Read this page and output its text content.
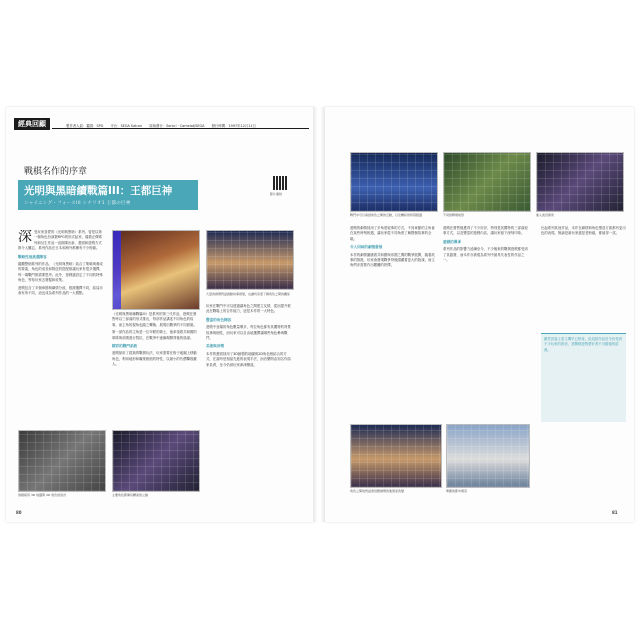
經典回顧	製作者人氣：鑑賞：SPG 平台：SEGA Saturn 原始發行：Sonic! · Camelot/SEGA 發行時間：1997年12月11日
影片連結
戰棋名作的序章
光明與黑暗續戰篇III：王都巨神
シャイニング・フォースIII シナリオ1 王都の巨神

深受玩家喜愛的《光明與黑暗》系列，曾是以第一個角色扮演類RPG的形式起家，隨着正傳系列和衍生作品一直推陳出新，畫面和遊戲方式都令人難忘，系列作品在日本和海外都擁有不少粉絲。

戰略性地挑選陣容

縱觀整個系列的作品，《光明與黑暗》結合了策略與養成的要素，角色的成長和隊伍的搭配都讓玩家有很多選擇，每一場戰鬥都需要思考。此外，遊戲還設定了不同的特殊角色，等待玩家去發掘和收集。

遊戲包含了多個章節與劇情分歧，根據選擇不同，結局亦會有所不同，這也成為系列作品的一大賣點。

《光明與黑暗續戰篇III》是系列的第三代作品，遊戲在發售時以三部曲的形式推出，每部作品講述不同角色的故事，而主角的視角也隨之轉換，展現出戰爭的不同面貌。

第一部作品的主角是一位年輕的劍士，他率領着共和國的軍隊與帝國進行對抗，在戰爭中逐漸揭開背後的陰謀。

精彩的戰鬥系統

遊戲採用了經典的戰棋玩法，玩家需要在格子地圖上移動角色，利用地形和職業相剋的特性，以最小的代價擊敗敵人。

大量的劇情對話推動故事發展，也讓玩家更了解角色之間的關係

玩家在戰鬥中可以透過讓角色之間建立友情，從而提升彼此在戰場上的合作能力，這是本作的一大特色。

豐富的角色陣容

遊戲中登場的角色數量眾多，每位角色都有其獨特的背景故事與個性，而玩家可以自由地選擇讓哪些角色參與戰鬥。

美術與音樂

本作的畫面採用了3D繪製的地圖與2D角色相結合的方式，在當時是相當先進的表現手法，而音樂則由知名作曲家負責，至今仍被玩家津津樂道。

遊戲採用 3D 地圖與 2D 角色的設計	主要角色都擁有精美的立繪
80
戰鬥中可以看到角色之間的互動，以及精彩的特寫鏡頭	不同的戰場地形	進入迷宮探索

遊戲的劇情採用了多角度敘事的方式，不同章節的主角會在某些時刻相遇，讓玩家從不同角度了解整個故事的全貌。

令人回味的劇情發展

本作的劇情圍繞着共和國與帝國之間的戰爭展開，隨着故事的推進，玩家會發現戰爭背後隱藏着更大的陰謀，而主角們亦需要作出艱難的抉擇。

遊戲在發售後獲得了不少好評，特別是其獨特的三部曲敘事方式，以及豐富的遊戲內容，讓玩家留下深刻印象。

遊戲的傳承

系列作品的影響力延續至今，不少後來的戰棋遊戲都受到了其啟發，而本作亦被視為系列中最具代表性的作品之一。

比起系列其他作品，本作在劇情和角色塑造方面都有更出色的表現，無論是新玩家還是老粉絲，都值得一試。

雖然世嘉土星主機早已停產，但這款作品至今仍受到不少玩家的推崇，是戰棋遊戲愛好者不可錯過的經典。
角色之間的對話會因應劇情的進展而改變	華麗的都市場景
81
